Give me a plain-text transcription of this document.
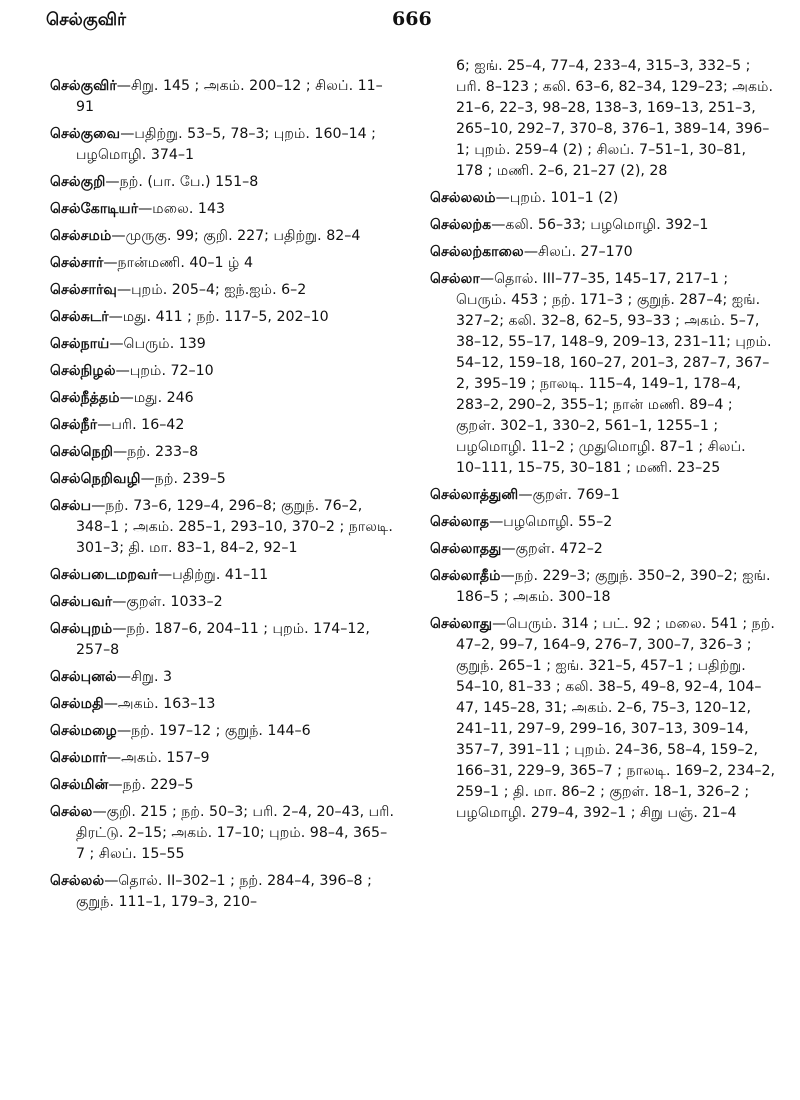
செல்குவிர்	666
செல்குவிர்—சிறு. 145 ; அகம். 200–12 ; சிலப். 11–91
செல்குவை—பதிற்று. 53–5, 78–3; புறம். 160–14 ; பழமொழி. 374–1
செல்குறி—நற். (பா. பே.) 151–8
செல்கோடியர்—மலை. 143
செல்சமம்—முருகு. 99; குறி. 227; பதிற்று. 82–4
செல்சார்—நான்மணி. 40–1 ழ் 4
செல்சார்வு—புறம். 205–4; ஐந்.ஐம். 6–2
செல்சுடர்—மது. 411 ; நற். 117–5, 202–10
செல்நாய்—பெரும். 139
செல்நிழல்—புறம். 72–10
செல்நீத்தம்—மது. 246
செல்நீர்—பரி. 16–42
செல்நெறி—நற். 233–8
செல்நெறிவழி—நற். 239–5
செல்ப—நற். 73–6, 129–4, 296–8; குறுந். 76–2, 348–1 ; அகம். 285–1, 293–10, 370–2 ; நாலடி. 301–3; தி. மா. 83–1, 84–2, 92–1
செல்படைமறவர்—பதிற்று. 41–11
செல்பவர்—குறள். 1033–2
செல்புறம்—நற். 187–6, 204–11 ; புறம். 174–12, 257–8
செல்புனல்—சிறு. 3
செல்மதி—அகம். 163–13
செல்மழை—நற். 197–12 ; குறுந். 144–6
செல்மார்—அகம். 157–9
செல்மின்—நற். 229–5
செல்ல—குறி. 215 ; நற். 50–3; பரி. 2–4, 20–43, பரி. திரட்டு. 2–15; அகம். 17–10; புறம். 98–4, 365–7 ; சிலப். 15–55
செல்லல்—தொல். II–302–1 ; நற். 284–4, 396–8 ; குறுந். 111–1, 179–3, 210–
6; ஐங். 25–4, 77–4, 233–4, 315–3, 332–5 ; பரி. 8–123 ; கலி. 63–6, 82–34, 129–23; அகம். 21–6, 22–3, 98–28, 138–3, 169–13, 251–3, 265–10, 292–7, 370–8, 376–1, 389–14, 396–1; புறம். 259–4 (2) ; சிலப். 7–51–1, 30–81, 178 ; மணி. 2–6, 21–27 (2), 28
செல்லலம்—புறம். 101–1 (2)
செல்லற்க—கலி. 56–33; பழமொழி. 392–1
செல்லற்காலை—சிலப். 27–170
செல்லா—தொல். III–77–35, 145–17, 217–1 ; பெரும். 453 ; நற். 171–3 ; குறுந். 287–4; ஐங். 327–2; கலி. 32–8, 62–5, 93–33 ; அகம். 5–7, 38–12, 55–17, 148–9, 209–13, 231–11; புறம். 54–12, 159–18, 160–27, 201–3, 287–7, 367–2, 395–19 ; நாலடி. 115–4, 149–1, 178–4, 283–2, 290–2, 355–1; நான் மணி. 89–4 ; குறள். 302–1, 330–2, 561–1, 1255–1 ; பழமொழி. 11–2 ; முதுமொழி. 87–1 ; சிலப். 10–111, 15–75, 30–181 ; மணி. 23–25
செல்லாத்துனி—குறள். 769–1
செல்லாத—பழமொழி. 55–2
செல்லாதது—குறள். 472–2
செல்லாதீம்—நற். 229–3; குறுந். 350–2, 390–2; ஐங். 186–5 ; அகம். 300–18
செல்லாது—பெரும். 314 ; பட். 92 ; மலை. 541 ; நற். 47–2, 99–7, 164–9, 276–7, 300–7, 326–3 ; குறுந். 265–1 ; ஐங். 321–5, 457–1 ; பதிற்று. 54–10, 81–33 ; கலி. 38–5, 49–8, 92–4, 104–47, 145–28, 31; அகம். 2–6, 75–3, 120–12, 241–11, 297–9, 299–16, 307–13, 309–14, 357–7, 391–11 ; புறம். 24–36, 58–4, 159–2, 166–31, 229–9, 365–7 ; நாலடி. 169–2, 234–2, 259–1 ; தி. மா. 86–2 ; குறள். 18–1, 326–2 ; பழமொழி. 279–4, 392–1 ; சிறு பஞ். 21–4
